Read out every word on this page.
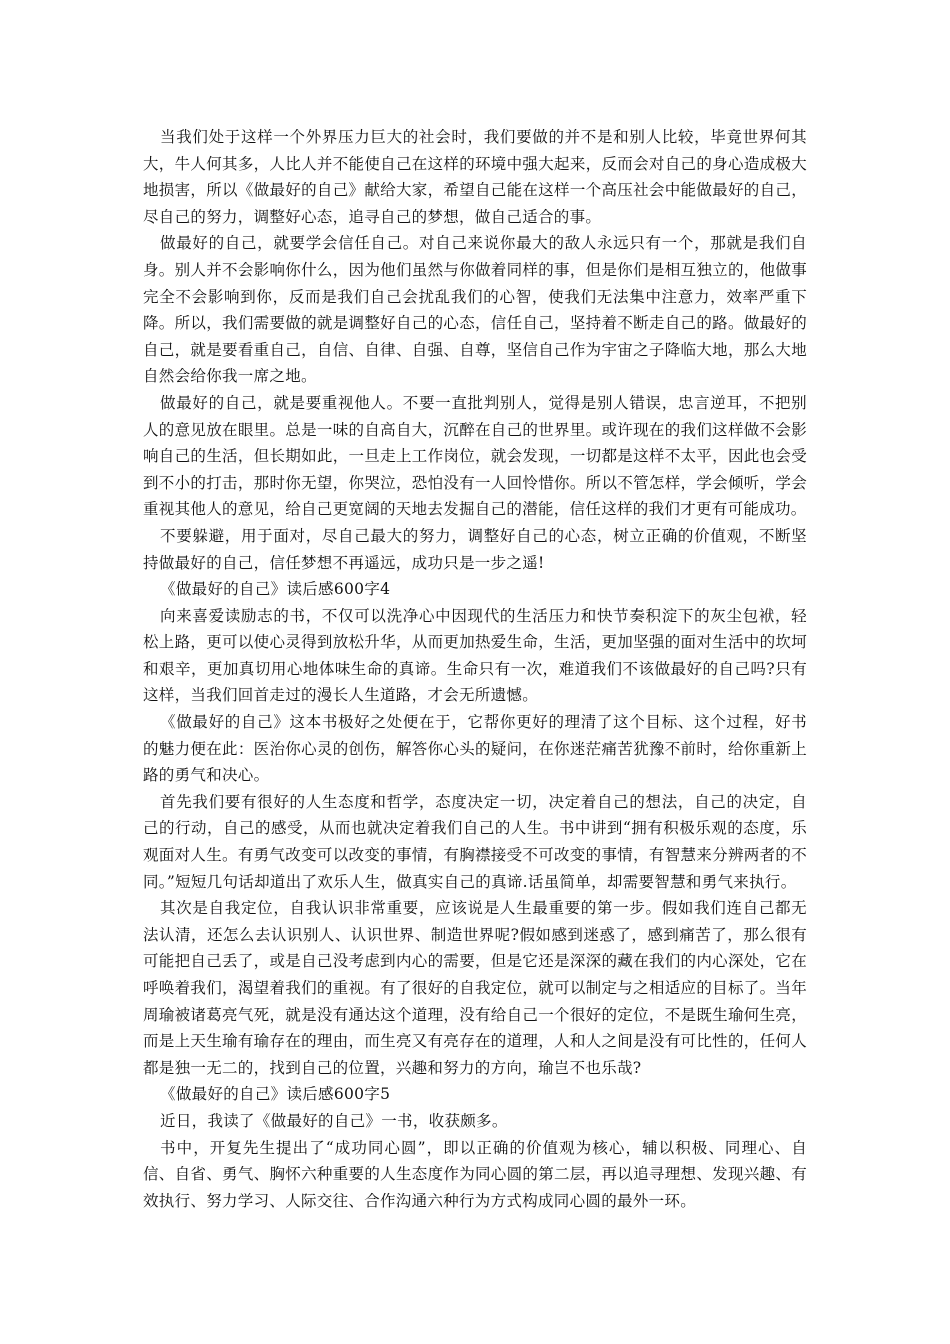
当我们处于这样一个外界压力巨大的社会时，我们要做的并不是和别人比较，毕竟世界何其大，牛人何其多，人比人并不能使自己在这样的环境中强大起来，反而会对自己的身心造成极大地损害，所以《做最好的自己》献给大家，希望自己能在这样一个高压社会中能做最好的自己，尽自己的努力，调整好心态，追寻自己的梦想，做自己适合的事。

做最好的自己，就要学会信任自己。对自己来说你最大的敌人永远只有一个，那就是我们自身。别人并不会影响你什么，因为他们虽然与你做着同样的事，但是你们是相互独立的，他做事完全不会影响到你，反而是我们自己会扰乱我们的心智，使我们无法集中注意力，效率严重下降。所以，我们需要做的就是调整好自己的心态，信任自己，坚持着不断走自己的路。做最好的自己，就是要看重自己，自信、自律、自强、自尊，坚信自己作为宇宙之子降临大地，那么大地自然会给你我一席之地。

做最好的自己，就是要重视他人。不要一直批判别人，觉得是别人错误，忠言逆耳，不把别人的意见放在眼里。总是一味的自高自大，沉醉在自己的世界里。或许现在的我们这样做不会影响自己的生活，但长期如此，一旦走上工作岗位，就会发现，一切都是这样不太平，因此也会受到不小的打击，那时你无望，你哭泣，恐怕没有一人回怜惜你。所以不管怎样，学会倾听，学会重视其他人的意见，给自己更宽阔的天地去发掘自己的潜能，信任这样的我们才更有可能成功。

不要躲避，用于面对，尽自己最大的努力，调整好自己的心态，树立正确的价值观，不断坚持做最好的自己，信任梦想不再遥远，成功只是一步之遥!

《做最好的自己》读后感600字4

向来喜爱读励志的书，不仅可以洗净心中因现代的生活压力和快节奏积淀下的灰尘包袱，轻松上路，更可以使心灵得到放松升华，从而更加热爱生命，生活，更加坚强的面对生活中的坎坷和艰辛，更加真切用心地体味生命的真谛。生命只有一次，难道我们不该做最好的自己吗?只有这样，当我们回首走过的漫长人生道路，才会无所遗憾。

《做最好的自己》这本书极好之处便在于，它帮你更好的理清了这个目标、这个过程，好书的魅力便在此：医治你心灵的创伤，解答你心头的疑问，在你迷茫痛苦犹豫不前时，给你重新上路的勇气和决心。

首先我们要有很好的人生态度和哲学，态度决定一切，决定着自己的想法，自己的决定，自己的行动，自己的感受，从而也就决定着我们自己的人生。书中讲到“拥有积极乐观的态度，乐观面对人生。有勇气改变可以改变的事情，有胸襟接受不可改变的事情，有智慧来分辨两者的不同。”短短几句话却道出了欢乐人生，做真实自己的真谛.话虽简单，却需要智慧和勇气来执行。

其次是自我定位，自我认识非常重要，应该说是人生最重要的第一步。假如我们连自己都无法认清，还怎么去认识别人、认识世界、制造世界呢?假如感到迷惑了，感到痛苦了，那么很有可能把自己丢了，或是自己没考虑到内心的需要，但是它还是深深的藏在我们的内心深处，它在呼唤着我们，渴望着我们的重视。有了很好的自我定位，就可以制定与之相适应的目标了。当年周瑜被诸葛亮气死，就是没有通达这个道理，没有给自己一个很好的定位，不是既生瑜何生亮，而是上天生瑜有瑜存在的理由，而生亮又有亮存在的道理，人和人之间是没有可比性的，任何人都是独一无二的，找到自己的位置，兴趣和努力的方向，瑜岂不也乐哉?

《做最好的自己》读后感600字5

近日，我读了《做最好的自己》一书，收获颇多。

书中，开复先生提出了“成功同心圆”，即以正确的价值观为核心，辅以积极、同理心、自信、自省、勇气、胸怀六种重要的人生态度作为同心圆的第二层，再以追寻理想、发现兴趣、有效执行、努力学习、人际交往、合作沟通六种行为方式构成同心圆的最外一环。
